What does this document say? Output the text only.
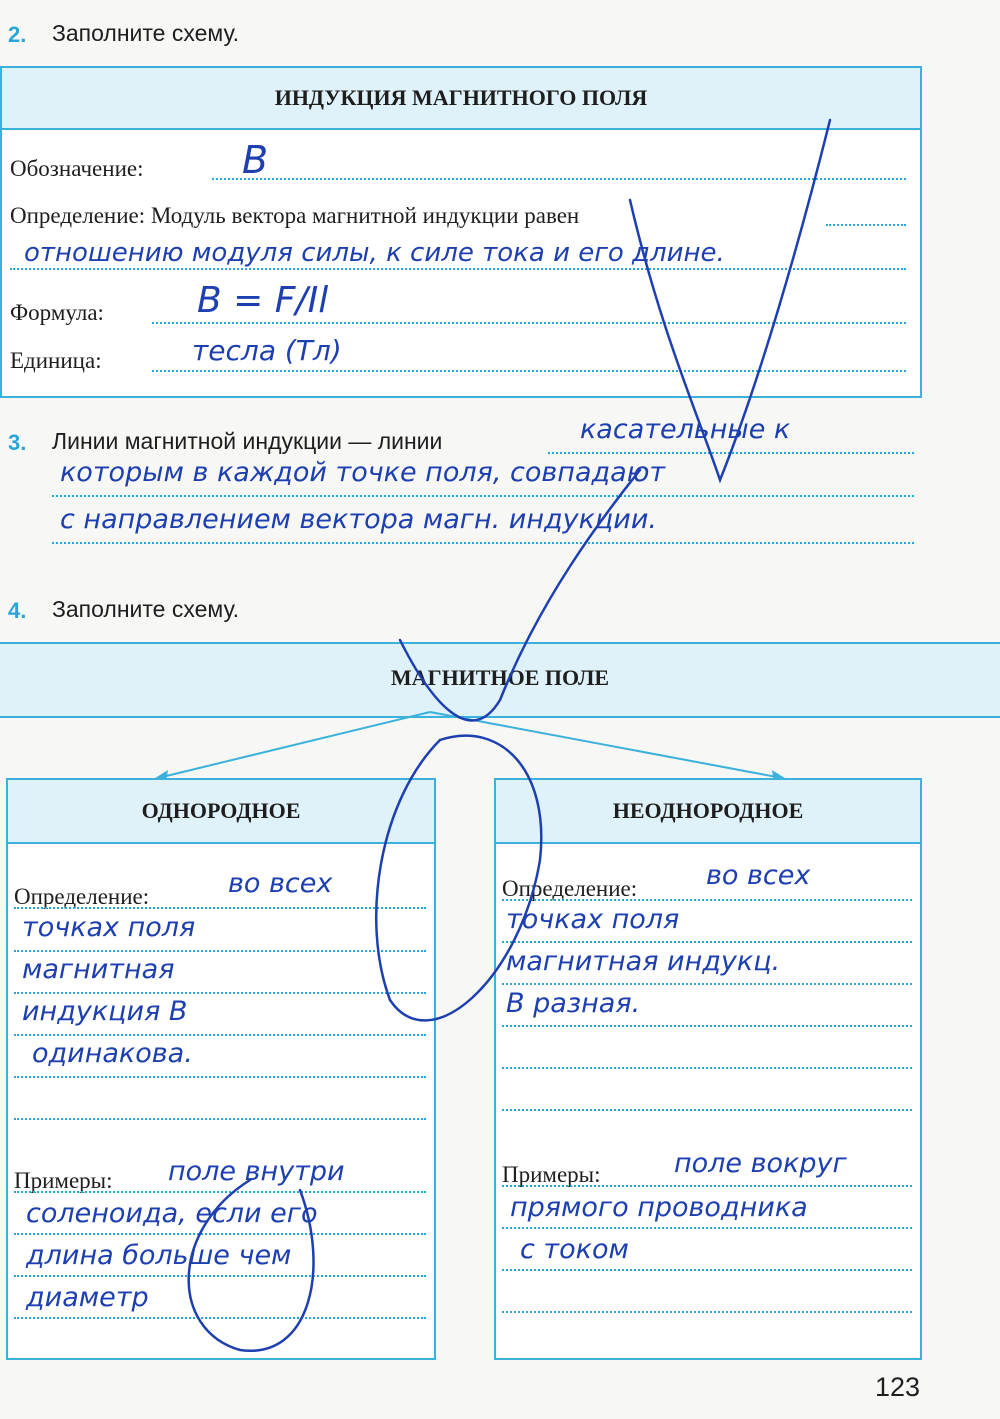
2. Заполните схему.
ИНДУКЦИЯ МАГНИТНОГО ПОЛЯ
Обозначение:	B
Определение: Модуль вектора магнитной индукции равен
отношению модуля силы, к силе тока и его длине.
Формула:	B = F/Il
Единица:	тесла (Тл)
3. Линии магнитной индукции — линии	касательные к
которым в каждой точке поля, совпадают
с направлением вектора магн. индукции.
4. Заполните схему.
МАГНИТНОЕ ПОЛЕ
ОДНОРОДНОЕ
Определение:	во всех
точках поля
магнитная
индукция B
одинакова.
Примеры: поле внутри
соленоида, если его
длина больше чем
диаметр
НЕОДНОРОДНОЕ
Определение:	во всех
точках поля
магнитная индукц.
B разная.
Примеры:	поле вокруг
прямого проводника
с током
123
